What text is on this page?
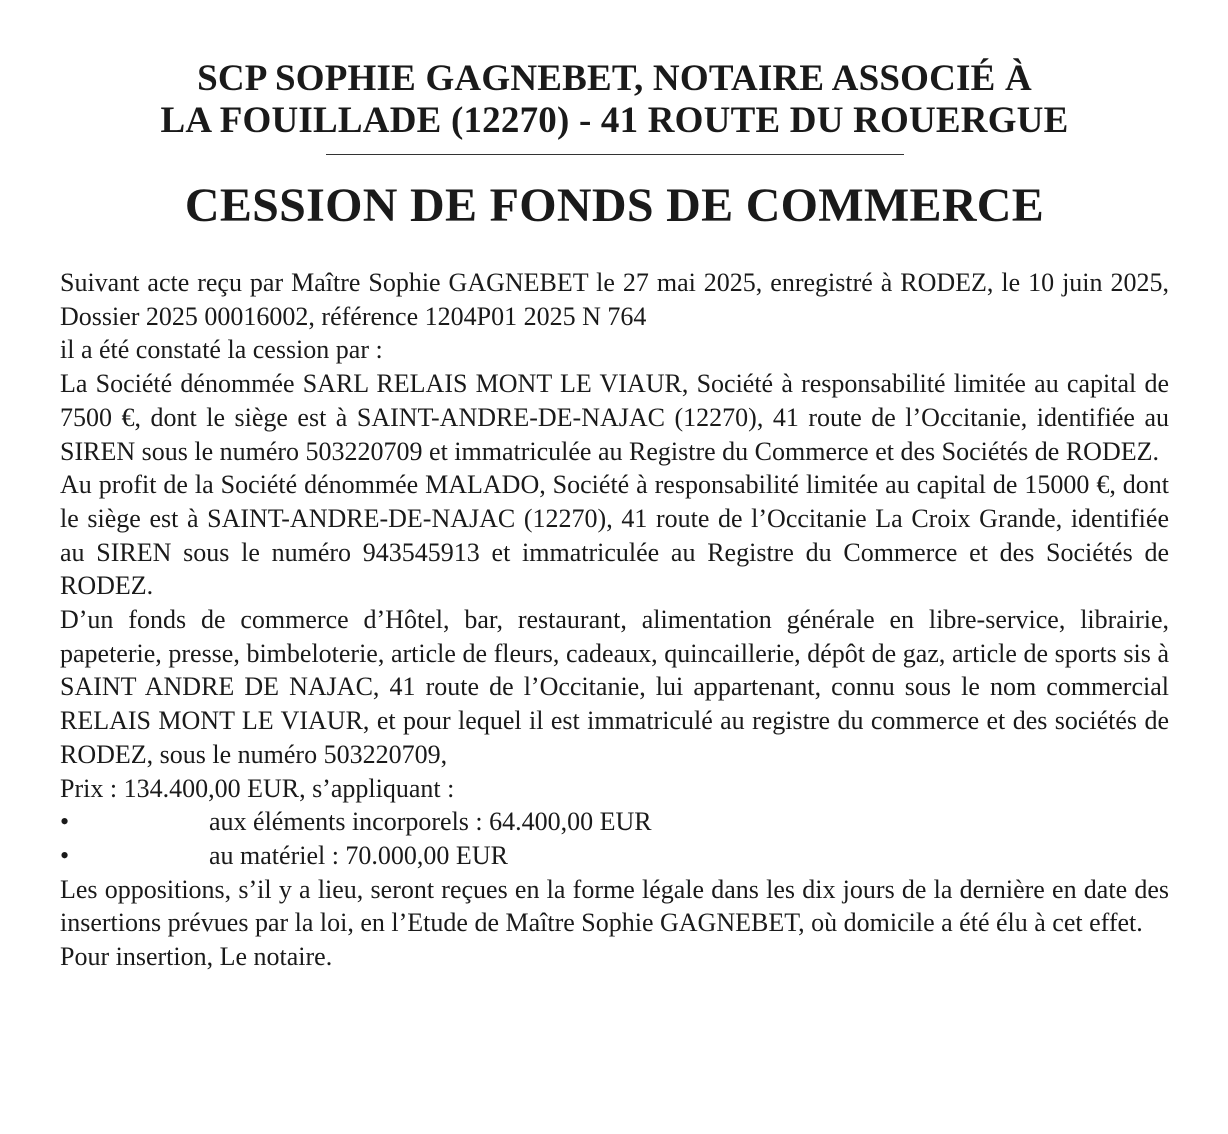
SCP SOPHIE GAGNEBET, NOTAIRE ASSOCIÉ À

LA FOUILLADE (12270) - 41 ROUTE DU ROUERGUE

CESSION DE FONDS DE COMMERCE

Suivant acte reçu par Maître Sophie GAGNEBET le 27 mai 2025, enregistré à RODEZ, le 10 juin 2025, Dossier 2025 00016002, référence 1204P01 2025 N 764

il a été constaté la cession par :

La Société dénommée SARL RELAIS MONT LE VIAUR, Société à responsabilité limitée au capital de 7500 €, dont le siège est à SAINT-ANDRE-DE-NAJAC (12270), 41 route de l’Occitanie, identifiée au SIREN sous le numéro 503220709 et immatriculée au Registre du Commerce et des Sociétés de RODEZ.

Au profit de la Société dénommée MALADO, Société à responsabilité limitée au capital de 15000 €, dont le siège est à SAINT-ANDRE-DE-NAJAC (12270), 41 route de l’Occitanie La Croix Grande, identifiée au SIREN sous le numéro 943545913 et immatriculée au Registre du Commerce et des Sociétés de RODEZ.

D’un fonds de commerce d’Hôtel, bar, restaurant, alimentation générale en libre-service, librairie, papeterie, presse, bimbeloterie, article de fleurs, cadeaux, quincaillerie, dépôt de gaz, article de sports sis à SAINT ANDRE DE NAJAC, 41 route de l’Occitanie, lui appartenant, connu sous le nom commercial RELAIS MONT LE VIAUR, et pour lequel il est immatriculé au registre du commerce et des sociétés de RODEZ, sous le numéro 503220709,

Prix : 134.400,00 EUR, s’appliquant :

•	aux éléments incorporels : 64.400,00 EUR

•	au matériel : 70.000,00 EUR

Les oppositions, s’il y a lieu, seront reçues en la forme légale dans les dix jours de la dernière en date des insertions prévues par la loi, en l’Etude de Maître Sophie GAGNEBET, où domicile a été élu à cet effet.

Pour insertion, Le notaire.
